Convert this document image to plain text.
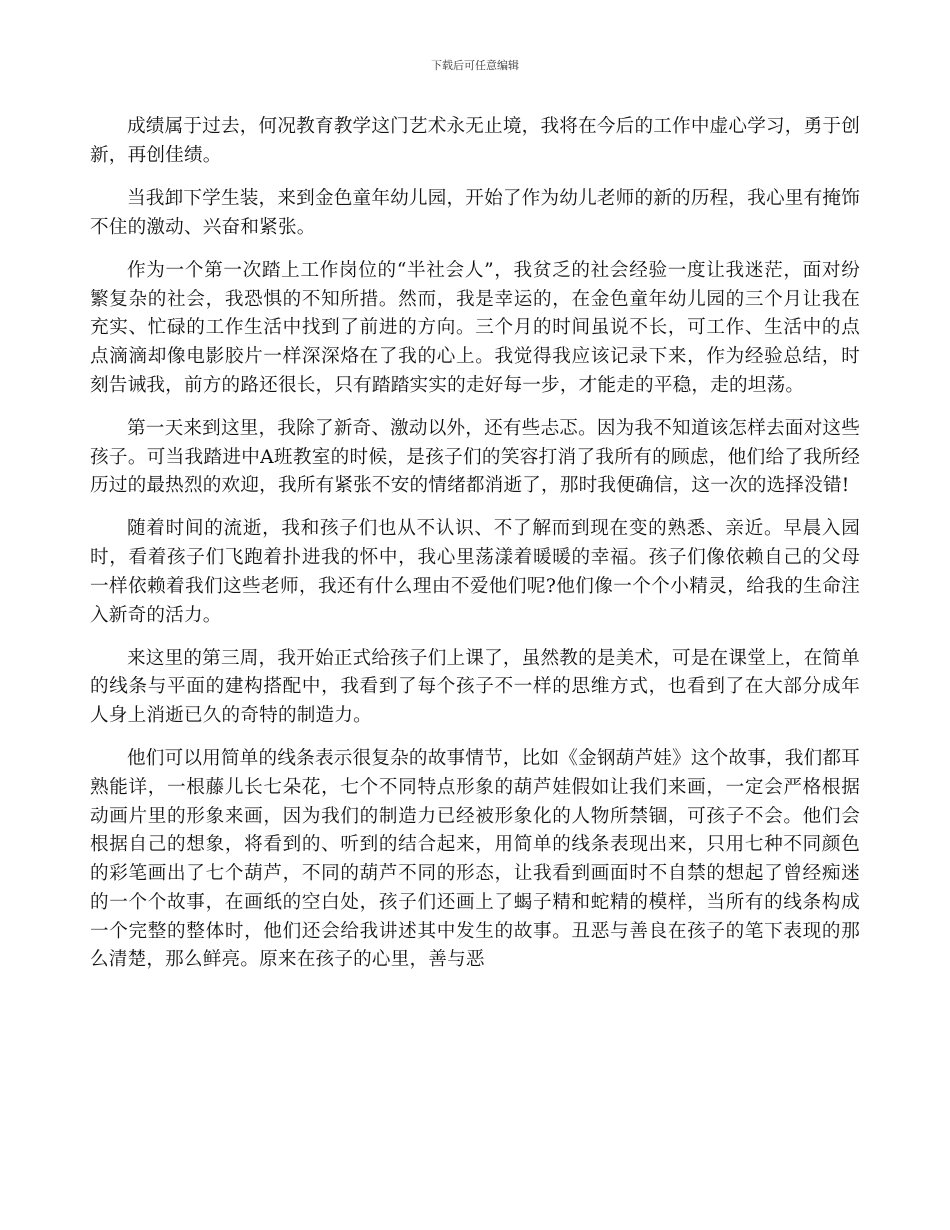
下载后可任意编辑

成绩属于过去，何况教育教学这门艺术永无止境，我将在今后的工作中虚心学习，勇于创新，再创佳绩。

当我卸下学生装，来到金色童年幼儿园，开始了作为幼儿老师的新的历程，我心里有掩饰不住的激动、兴奋和紧张。

作为一个第一次踏上工作岗位的“半社会人”，我贫乏的社会经验一度让我迷茫，面对纷繁复杂的社会，我恐惧的不知所措。然而，我是幸运的，在金色童年幼儿园的三个月让我在充实、忙碌的工作生活中找到了前进的方向。三个月的时间虽说不长，可工作、生活中的点点滴滴却像电影胶片一样深深烙在了我的心上。我觉得我应该记录下来，作为经验总结，时刻告诫我，前方的路还很长，只有踏踏实实的走好每一步，才能走的平稳，走的坦荡。

第一天来到这里，我除了新奇、激动以外，还有些忐忑。因为我不知道该怎样去面对这些孩子。可当我踏进中A班教室的时候，是孩子们的笑容打消了我所有的顾虑，他们给了我所经历过的最热烈的欢迎，我所有紧张不安的情绪都消逝了，那时我便确信，这一次的选择没错!

随着时间的流逝，我和孩子们也从不认识、不了解而到现在变的熟悉、亲近。早晨入园时，看着孩子们飞跑着扑进我的怀中，我心里荡漾着暖暖的幸福。孩子们像依赖自己的父母一样依赖着我们这些老师，我还有什么理由不爱他们呢?他们像一个个小精灵，给我的生命注入新奇的活力。

来这里的第三周，我开始正式给孩子们上课了，虽然教的是美术，可是在课堂上，在简单的线条与平面的建构搭配中，我看到了每个孩子不一样的思维方式，也看到了在大部分成年人身上消逝已久的奇特的制造力。

他们可以用简单的线条表示很复杂的故事情节，比如《金钢葫芦娃》这个故事，我们都耳熟能详，一根藤儿长七朵花，七个不同特点形象的葫芦娃假如让我们来画，一定会严格根据动画片里的形象来画，因为我们的制造力已经被形象化的人物所禁锢，可孩子不会。他们会根据自己的想象，将看到的、听到的结合起来，用简单的线条表现出来，只用七种不同颜色的彩笔画出了七个葫芦，不同的葫芦不同的形态，让我看到画面时不自禁的想起了曾经痴迷的一个个故事，在画纸的空白处，孩子们还画上了蝎子精和蛇精的模样，当所有的线条构成一个完整的整体时，他们还会给我讲述其中发生的故事。丑恶与善良在孩子的笔下表现的那么清楚，那么鲜亮。原来在孩子的心里，善与恶
